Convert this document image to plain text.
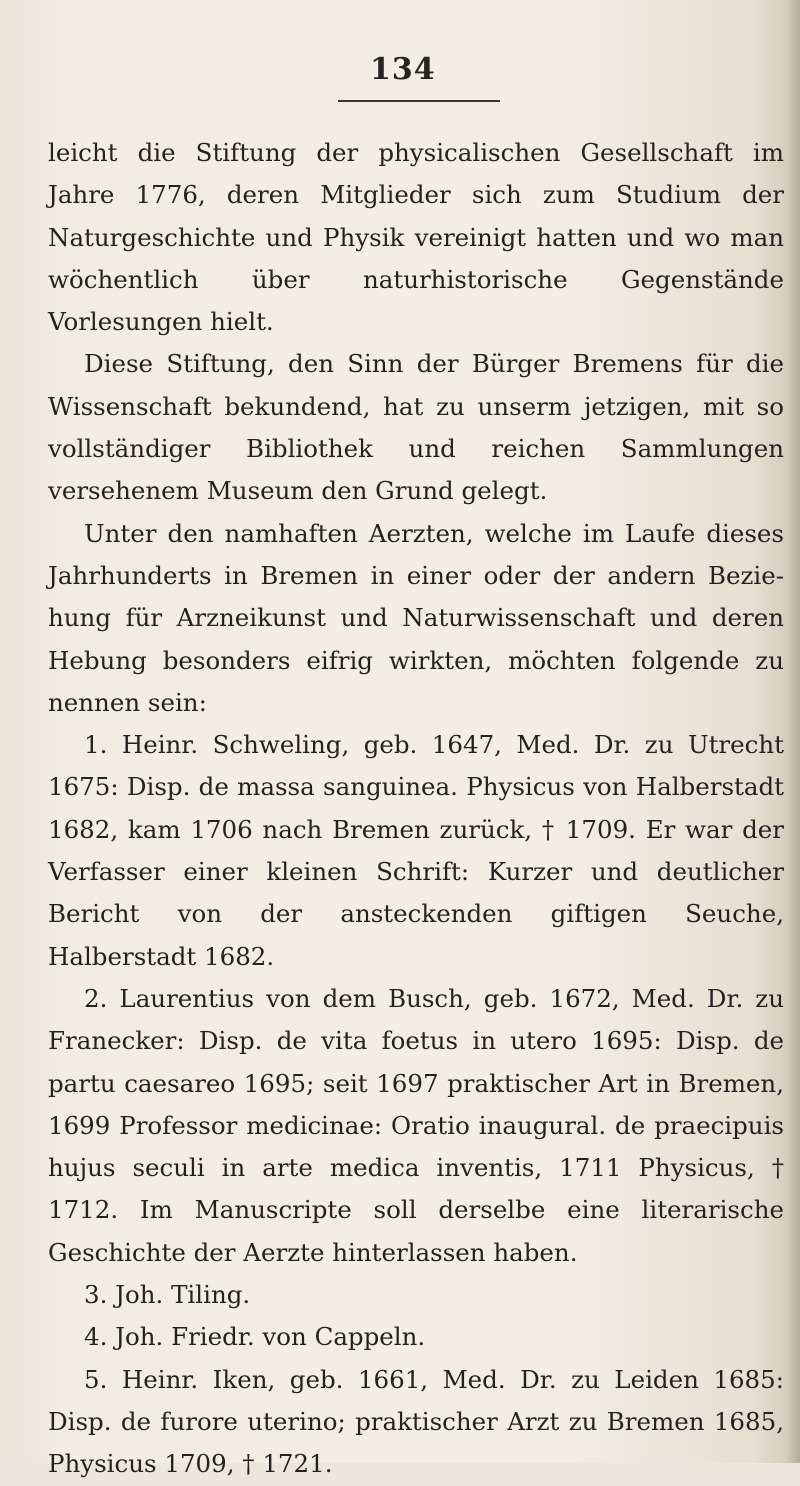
134

leicht die Stiftung der physicalischen Gesellschaft im Jahre 1776, deren Mitglieder sich zum Studium der Naturgeschichte und Physik vereinigt hatten und wo man wöchentlich über naturhistorische Gegenstände Vorlesungen hielt.

Diese Stiftung, den Sinn der Bürger Bremens für die Wissenschaft bekundend, hat zu unserm jetzigen, mit so vollständiger Bibliothek und reichen Sammlungen versehenem Museum den Grund gelegt.

Unter den namhaften Aerzten, welche im Laufe dieses Jahrhunderts in Bremen in einer oder der andern Beziehung für Arzneikunst und Naturwissenschaft und deren Hebung besonders eifrig wirkten, möchten folgende zu nennen sein:

1. Heinr. Schweling, geb. 1647, Med. Dr. zu Utrecht 1675: Disp. de massa sanguinea. Physicus von Halberstadt 1682, kam 1706 nach Bremen zurück, † 1709. Er war der Verfasser einer kleinen Schrift: Kurzer und deutlicher Bericht von der ansteckenden giftigen Seuche, Halberstadt 1682.

2. Laurentius von dem Busch, geb. 1672, Med. Dr. zu Franecker: Disp. de vita foetus in utero 1695: Disp. de partu caesareo 1695; seit 1697 praktischer Art in Bremen, 1699 Professor medicinae: Oratio inaugural. de praecipuis hujus seculi in arte medica inventis, 1711 Physicus, † 1712. Im Manuscripte soll derselbe eine literarische Geschichte der Aerzte hinterlassen haben.

3. Joh. Tiling.

4. Joh. Friedr. von Cappeln.

5. Heinr. Iken, geb. 1661, Med. Dr. zu Leiden 1685: Disp. de furore uterino; praktischer Arzt zu Bremen 1685, Physicus 1709, † 1721.
